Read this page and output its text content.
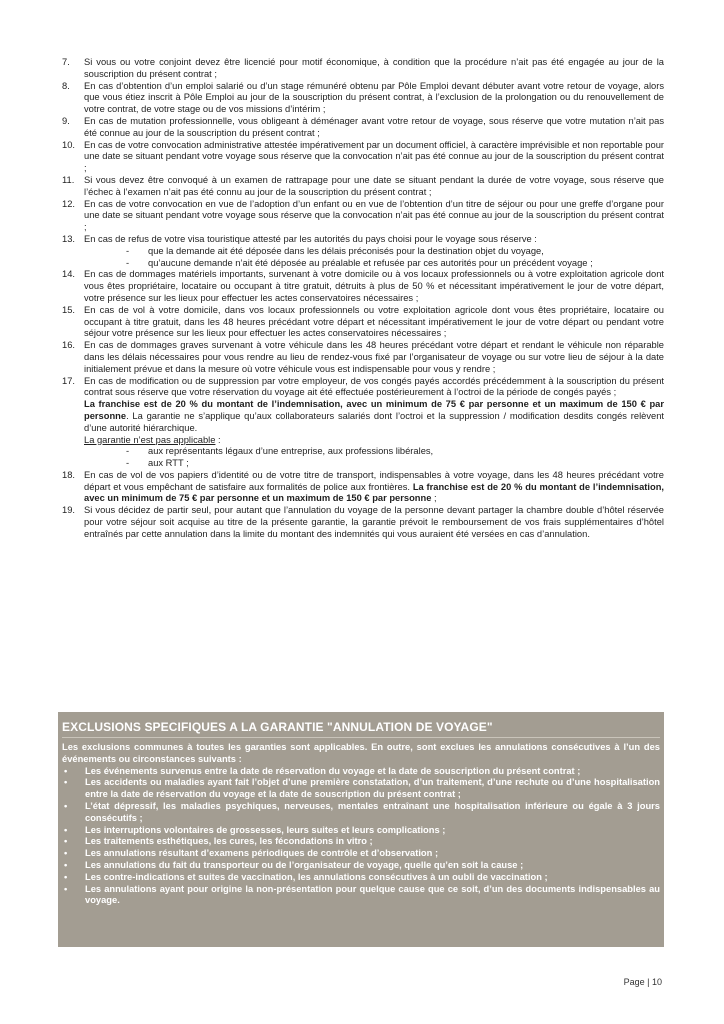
7.	Si vous ou votre conjoint devez être licencié pour motif économique, à condition que la procédure n’ait pas été engagée au jour de la souscription du présent contrat ;
8.	En cas d’obtention d’un emploi salarié ou d’un stage rémunéré obtenu par Pôle Emploi devant débuter avant votre retour de voyage, alors que vous étiez inscrit à Pôle Emploi au jour de la souscription du présent contrat, à l’exclusion de la prolongation ou du renouvellement de votre contrat, de votre stage ou de vos missions d’intérim ;
9.	En cas de mutation professionnelle, vous obligeant à déménager avant votre retour de voyage, sous réserve que votre mutation n’ait pas été connue au jour de la souscription du présent contrat ;
10. En cas de votre convocation administrative attestée impérativement par un document officiel, à caractère imprévisible et non reportable pour une date se situant pendant votre voyage sous réserve que la convocation n’ait pas été connue au jour de la souscription du présent contrat ;
11.	Si vous devez être convoqué à un examen de rattrapage pour une date se situant pendant la durée de votre voyage, sous réserve que l’échec à l’examen n’ait pas été connu au jour de la souscription du présent contrat ;
12. En cas de votre convocation en vue de l’adoption d’un enfant ou en vue de l’obtention d’un titre de séjour ou pour une greffe d’organe pour une date se situant pendant votre voyage sous réserve que la convocation n’ait pas été connue au jour de la souscription du présent contrat ;
13. En cas de refus de votre visa touristique attesté par les autorités du pays choisi pour le voyage sous réserve :
- que la demande ait été déposée dans les délais préconisés pour la destination objet du voyage,
- qu’aucune demande n’ait été déposée au préalable et refusée par ces autorités pour un précédent voyage ;
14. En cas de dommages matériels importants, survenant à votre domicile ou à vos locaux professionnels ou à votre exploitation agricole dont vous êtes propriétaire, locataire ou occupant à titre gratuit, détruits à plus de 50 % et nécessitant impérativement le jour de votre départ, votre présence sur les lieux pour effectuer les actes conservatoires nécessaires ;
15. En cas de vol à votre domicile, dans vos locaux professionnels ou votre exploitation agricole dont vous êtes propriétaire, locataire ou occupant à titre gratuit, dans les 48 heures précédant votre départ et nécessitant impérativement le jour de votre départ ou pendant votre séjour votre présence sur les lieux pour effectuer les actes conservatoires nécessaires ;
16. En cas de dommages graves survenant à votre véhicule dans les 48 heures précédant votre départ et rendant le véhicule non réparable dans les délais nécessaires pour vous rendre au lieu de rendez-vous fixé par l’organisateur de voyage ou sur votre lieu de séjour à la date initialement prévue et dans la mesure où votre véhicule vous est indispensable pour vous y rendre ;
17. En cas de modification ou de suppression par votre employeur, de vos congés payés accordés précédemment à la souscription du présent contrat sous réserve que votre réservation du voyage ait été effectuée postérieurement à l’octroi de la période de congés payés ;
La franchise est de 20 % du montant de l’indemnisation, avec un minimum de 75 € par personne et un maximum de 150 € par personne. La garantie ne s’applique qu’aux collaborateurs salariés dont l’octroi et la suppression / modification desdits congés relèvent d’une autorité hiérarchique.
La garantie n’est pas applicable :
- aux représentants légaux d’une entreprise, aux professions libérales,
- aux RTT ;
18. En cas de vol de vos papiers d’identité ou de votre titre de transport, indispensables à votre voyage, dans les 48 heures précédant votre départ et vous empêchant de satisfaire aux formalités de police aux frontières. La franchise est de 20 % du montant de l’indemnisation, avec un minimum de 75 € par personne et un maximum de 150 € par personne ;
19. Si vous décidez de partir seul, pour autant que l’annulation du voyage de la personne devant partager la chambre double d’hôtel réservée pour votre séjour soit acquise au titre de la présente garantie, la garantie prévoit le remboursement de vos frais supplémentaires d’hôtel entraînés par cette annulation dans la limite du montant des indemnités qui vous auraient été versées en cas d’annulation.
EXCLUSIONS SPECIFIQUES A LA GARANTIE "ANNULATION DE VOYAGE"
Les exclusions communes à toutes les garanties sont applicables. En outre, sont exclues les annulations consécutives à l’un des événements ou circonstances suivants :
• Les événements survenus entre la date de réservation du voyage et la date de souscription du présent contrat ;
• Les accidents ou maladies ayant fait l’objet d’une première constatation, d’un traitement, d’une rechute ou d’une hospitalisation entre la date de réservation du voyage et la date de souscription du présent contrat ;
• L’état dépressif, les maladies psychiques, nerveuses, mentales entraînant une hospitalisation inférieure ou égale à 3 jours consécutifs ;
• Les interruptions volontaires de grossesses, leurs suites et leurs complications ;
• Les traitements esthétiques, les cures, les fécondations in vitro ;
• Les annulations résultant d’examens périodiques de contrôle et d’observation ;
• Les annulations du fait du transporteur ou de l’organisateur de voyage, quelle qu’en soit la cause ;
• Les contre-indications et suites de vaccination, les annulations consécutives à un oubli de vaccination ;
• Les annulations ayant pour origine la non-présentation pour quelque cause que ce soit, d’un des documents indispensables au voyage.
Page | 10
